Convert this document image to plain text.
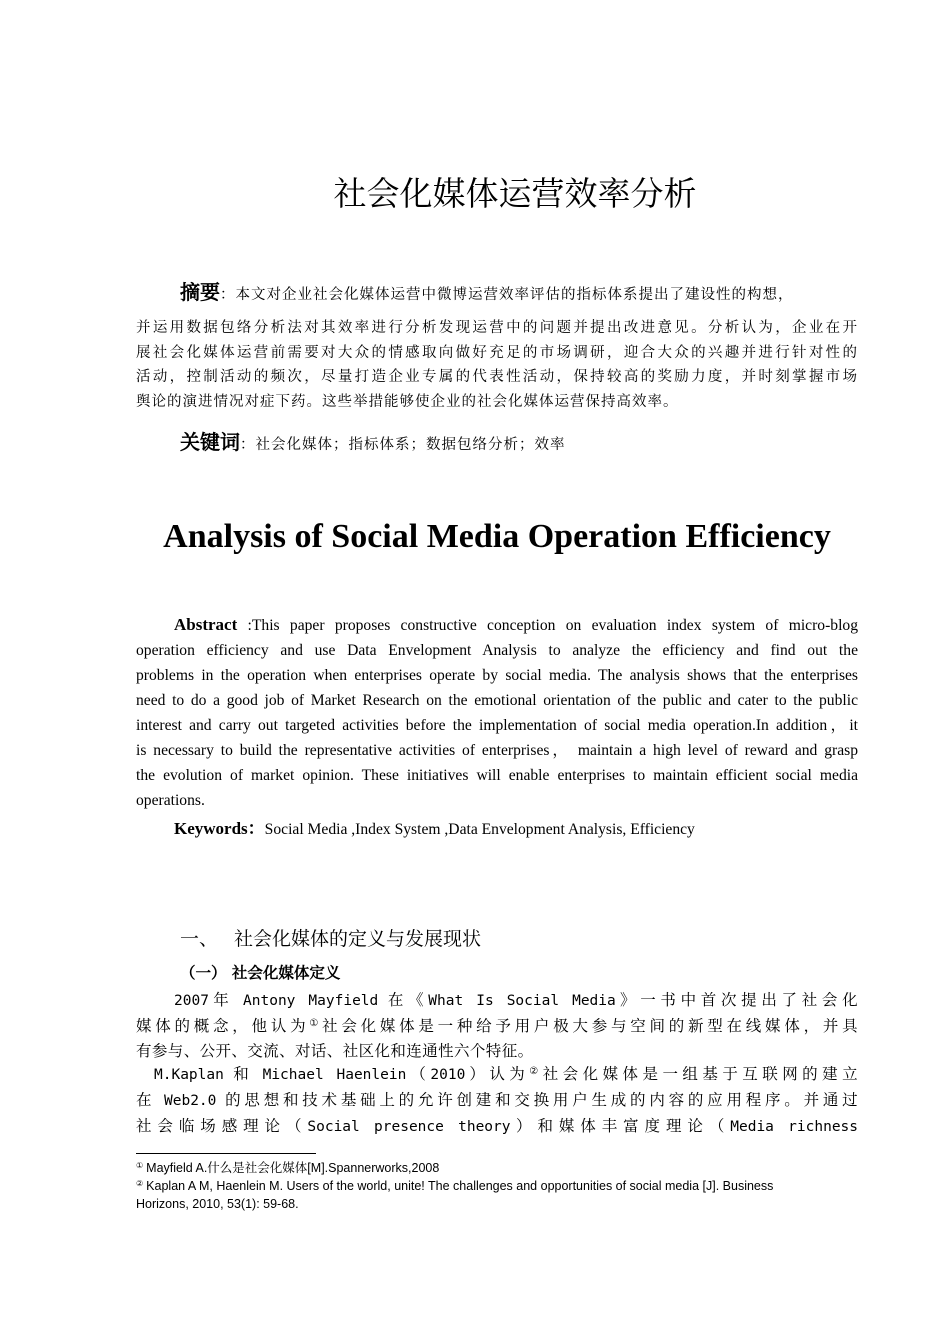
社会化媒体运营效率分析
摘要：本文对企业社会化媒体运营中微博运营效率评估的指标体系提出了建设性的构想，
并运用数据包络分析法对其效率进行分析发现运营中的问题并提出改进意见。分析认为，企业在开
展社会化媒体运营前需要对大众的情感取向做好充足的市场调研，迎合大众的兴趣并进行针对性的
活动，控制活动的频次，尽量打造企业专属的代表性活动，保持较高的奖励力度，并时刻掌握市场
舆论的演进情况对症下药。这些举措能够使企业的社会化媒体运营保持高效率。
关键词：社会化媒体；指标体系；数据包络分析；效率
Analysis of Social Media Operation Efficiency
Abstract :This paper proposes constructive conception on evaluation index system of micro-blog
operation efficiency and use Data Envelopment Analysis to analyze the efficiency and find out the
problems in the operation when enterprises operate by social media. The analysis shows that the enterprises
need to do a good job of Market Research on the emotional orientation of the public and cater to the public
interest and carry out targeted activities before the implementation of social media operation.In addition，it
is necessary to build the representative activities of enterprises， maintain a high level of reward and grasp
the evolution of market opinion. These initiatives will enable enterprises to maintain efficient social media
operations.
Keywords：Social Media ,Index System ,Data Envelopment Analysis, Efficiency
一、 社会化媒体的定义与发展现状
（一） 社会化媒体定义
2007年 Antony Mayfield 在《What Is Social Media》一书中首次提出了社会化
媒体的概念，他认为①社会化媒体是一种给予用户极大参与空间的新型在线媒体，并具
有参与、公开、交流、对话、社区化和连通性六个特征。
M.Kaplan 和 Michael Haenlein（2010）认为②社会化媒体是一组基于互联网的建立
在 Web2.0 的思想和技术基础上的允许创建和交换用户生成的内容的应用程序。并通过
社会临场感理论（Social presence theory）和媒体丰富度理论（Media richness
① Mayfield A.什么是社会化媒体[M].Spannerworks,2008
② Kaplan A M, Haenlein M. Users of the world, unite! The challenges and opportunities of social media [J]. Business
Horizons, 2010, 53(1): 59-68.
